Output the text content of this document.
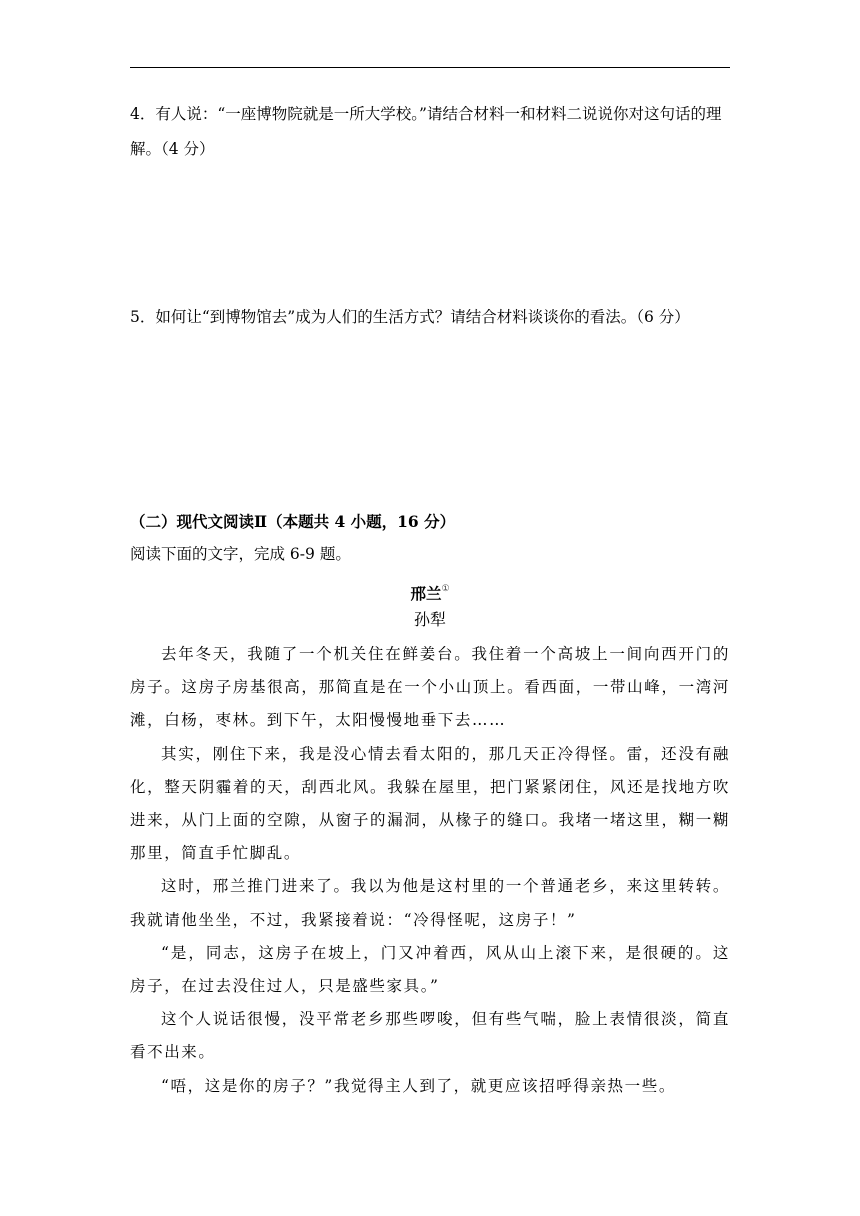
4．有人说：“一座博物院就是一所大学校。”请结合材料一和材料二说说你对这句话的理解。（4 分）
5．如何让“到博物馆去”成为人们的生活方式？请结合材料谈谈你的看法。（6 分）
（二）现代文阅读Ⅱ（本题共 4 小题，16 分）
阅读下面的文字，完成 6-9 题。
邢兰①
孙犁

去年冬天，我随了一个机关住在鲜姜台。我住着一个高坡上一间向西开门的房子。这房子房基很高，那简直是在一个小山顶上。看西面，一带山峰，一湾河滩，白杨，枣林。到下午，太阳慢慢地垂下去……

其实，刚住下来，我是没心情去看太阳的，那几天正冷得怪。雷，还没有融化，整天阴霾着的天，刮西北风。我躲在屋里，把门紧紧闭住，风还是找地方吹进来，从门上面的空隙，从窗子的漏洞，从椽子的缝口。我堵一堵这里，糊一糊那里，简直手忙脚乱。

这时，邢兰推门进来了。我以为他是这村里的一个普通老乡，来这里转转。我就请他坐坐，不过，我紧接着说：“冷得怪呢，这房子！”

“是，同志，这房子在坡上，门又冲着西，风从山上滚下来，是很硬的。这房子，在过去没住过人，只是盛些家具。”

这个人说话很慢，没平常老乡那些啰唆，但有些气喘，脸上表情很淡，简直看不出来。

“唔，这是你的房子？”我觉得主人到了，就更应该招呼得亲热一些。
